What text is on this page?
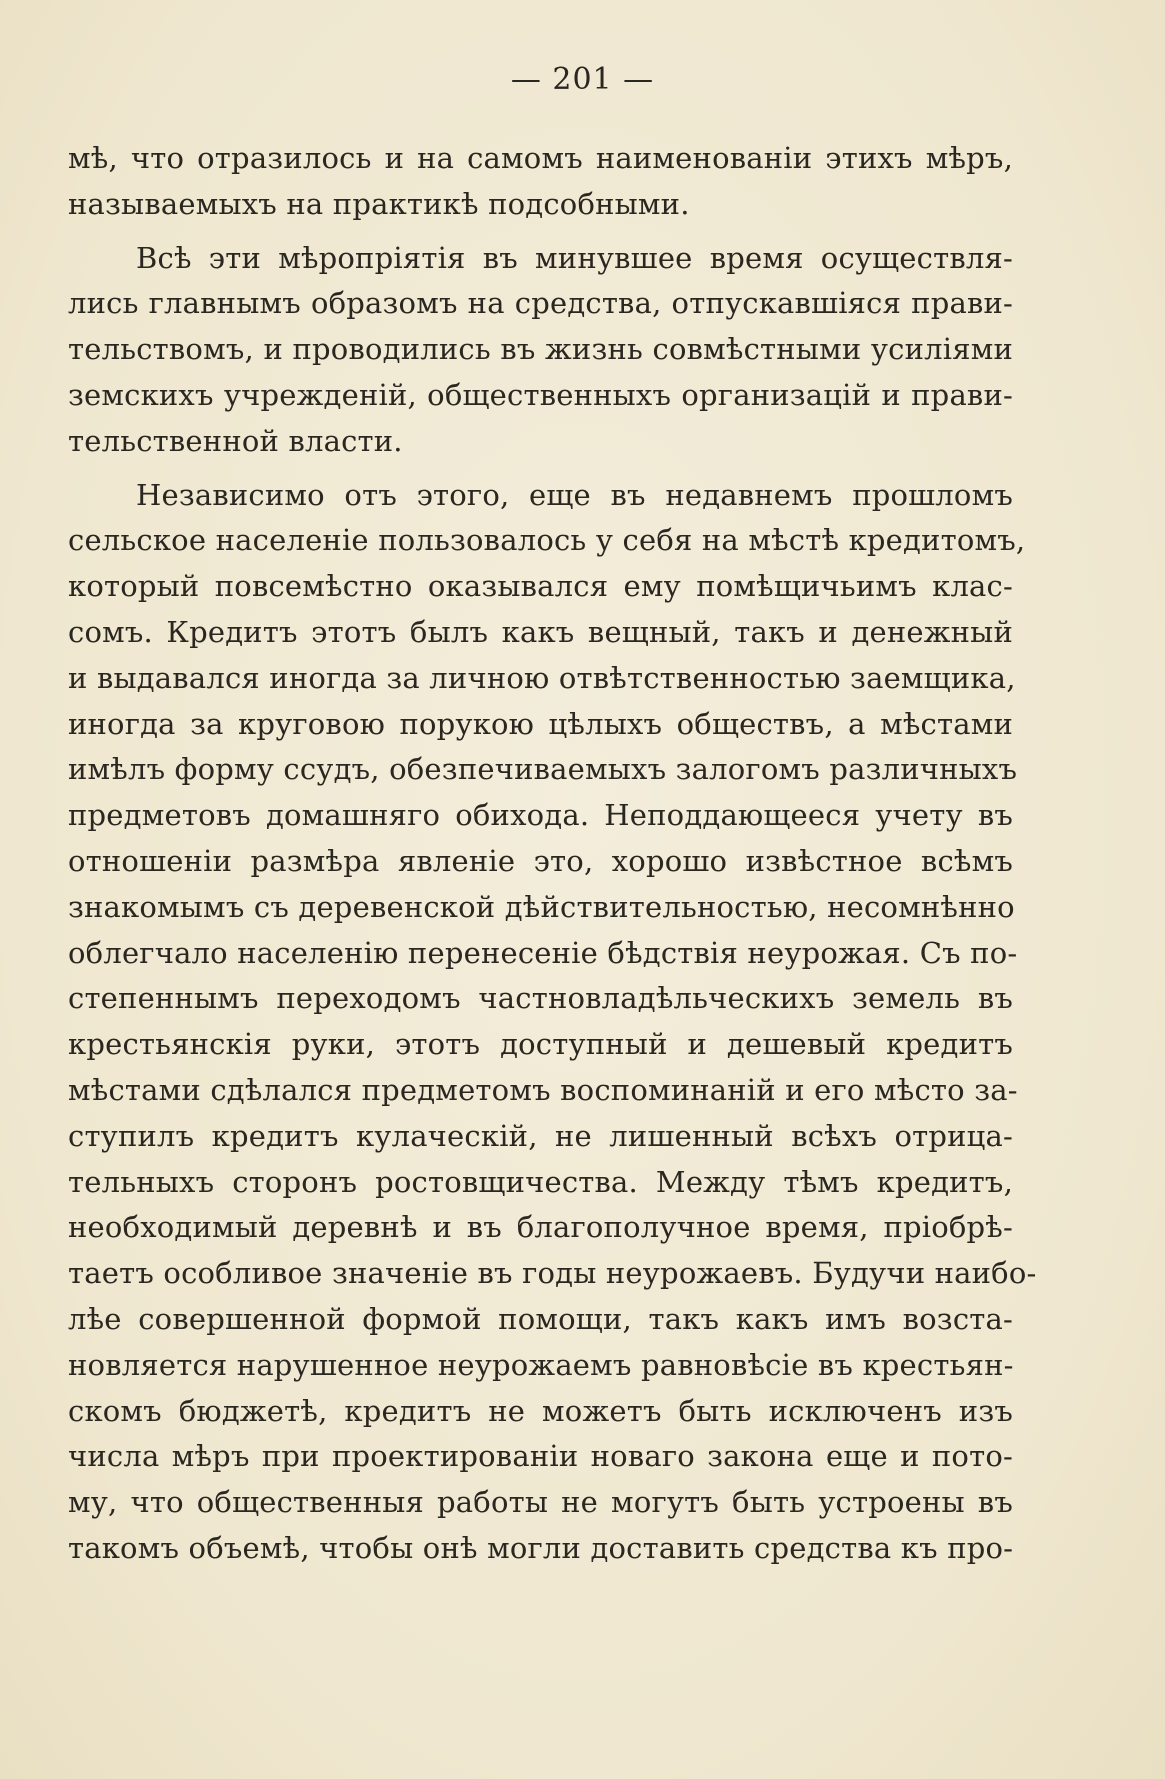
— 201 —
мѣ, что отразилось и на самомъ наименованіи этихъ мѣръ,
называемыхъ на практикѣ подсобными.
Всѣ эти мѣропріятія въ минувшее время осуществля-
лись главнымъ образомъ на средства, отпускавшіяся прави-
тельствомъ, и проводились въ жизнь совмѣстными усиліями
земскихъ учрежденій, общественныхъ организацій и прави-
тельственной власти.
Независимо отъ этого, еще въ недавнемъ прошломъ
сельское населеніе пользовалось у себя на мѣстѣ кредитомъ,
который повсемѣстно оказывался ему помѣщичьимъ клас-
сомъ. Кредитъ этотъ былъ какъ вещный, такъ и денежный
и выдавался иногда за личною отвѣтственностью заемщика,
иногда за круговою порукою цѣлыхъ обществъ, а мѣстами
имѣлъ форму ссудъ, обезпечиваемыхъ залогомъ различныхъ
предметовъ домашняго обихода. Неподдающееся учету въ
отношеніи размѣра явленіе это, хорошо извѣстное всѣмъ
знакомымъ съ деревенской дѣйствительностью, несомнѣнно
облегчало населенію перенесеніе бѣдствія неурожая. Съ по-
степеннымъ переходомъ частновладѣльческихъ земель въ
крестьянскія руки, этотъ доступный и дешевый кредитъ
мѣстами сдѣлался предметомъ воспоминаній и его мѣсто за-
ступилъ кредитъ кулаческій, не лишенный всѣхъ отрица-
тельныхъ сторонъ ростовщичества. Между тѣмъ кредитъ,
необходимый деревнѣ и въ благополучное время, пріобрѣ-
таетъ особливое значеніе въ годы неурожаевъ. Будучи наибо-
лѣе совершенной формой помощи, такъ какъ имъ возста-
новляется нарушенное неурожаемъ равновѣсіе въ крестьян-
скомъ бюджетѣ, кредитъ не можетъ быть исключенъ изъ
числа мѣръ при проектированіи новаго закона еще и пото-
му, что общественныя работы не могутъ быть устроены въ
такомъ объемѣ, чтобы онѣ могли доставить средства къ про-
